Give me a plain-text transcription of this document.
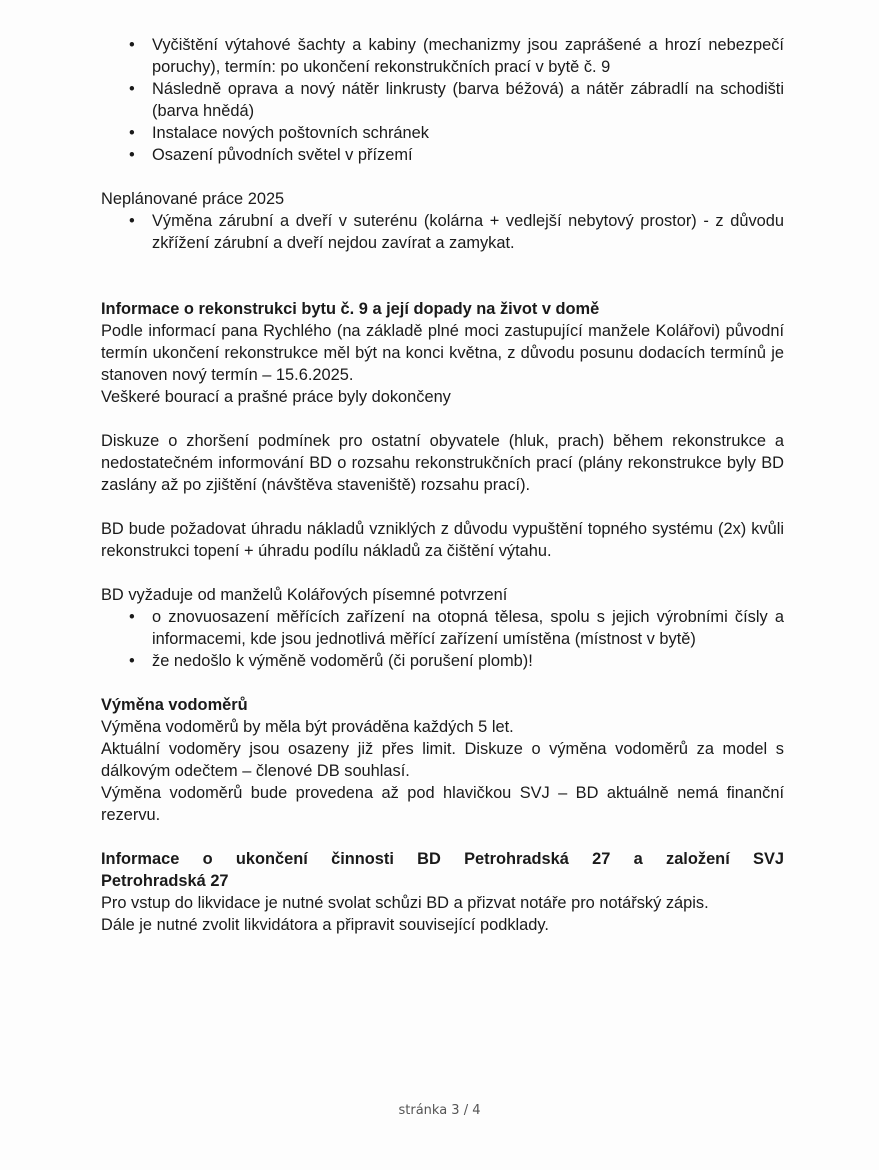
• Vyčištění výtahové šachty a kabiny (mechanizmy jsou zaprášené a hrozí nebezpečí poruchy), termín: po ukončení rekonstrukčních prací v bytě č. 9
• Následně oprava a nový nátěr linkrusty (barva béžová) a nátěr zábradlí na schodišti (barva hnědá)
• Instalace nových poštovních schránek
• Osazení původních světel v přízemí

Neplánované práce 2025

• Výměna zárubní a dveří v suterénu (kolárna + vedlejší nebytový prostor) - z důvodu zkřížení zárubní a dveří nejdou zavírat a zamykat.

Informace o rekonstrukci bytu č. 9 a její dopady na život v domě

Podle informací pana Rychlého (na základě plné moci zastupující manžele Kolářovi) původní termín ukončení rekonstrukce měl být na konci května, z důvodu posunu dodacích termínů je stanoven nový termín – 15.6.2025.

Veškeré bourací a prašné práce byly dokončeny

Diskuze o zhoršení podmínek pro ostatní obyvatele (hluk, prach) během rekonstrukce a nedostatečném informování BD o rozsahu rekonstrukčních prací (plány rekonstrukce byly BD zaslány až po zjištění (návštěva staveniště) rozsahu prací).

BD bude požadovat úhradu nákladů vzniklých z důvodu vypuštění topného systému (2x) kvůli rekonstrukci topení + úhradu podílu nákladů za čištění výtahu.

BD vyžaduje od manželů Kolářových písemné potvrzení

• o znovuosazení měřících zařízení na otopná tělesa, spolu s jejich výrobními čísly a informacemi, kde jsou jednotlivá měřící zařízení umístěna (místnost v bytě)
• že nedošlo k výměně vodoměrů (či porušení plomb)!

Výměna vodoměrů

Výměna vodoměrů by měla být prováděna každých 5 let.

Aktuální vodoměry jsou osazeny již přes limit. Diskuze o výměna vodoměrů za model s dálkovým odečtem – členové DB souhlasí.

Výměna vodoměrů bude provedena až pod hlavičkou SVJ – BD aktuálně nemá finanční rezervu.

Informace o ukončení činnosti BD Petrohradská 27 a založení SVJ

Petrohradská 27

Pro vstup do likvidace je nutné svolat schůzi BD a přizvat notáře pro notářský zápis.

Dále je nutné zvolit likvidátora a připravit související podklady.

stránka 3 / 4
